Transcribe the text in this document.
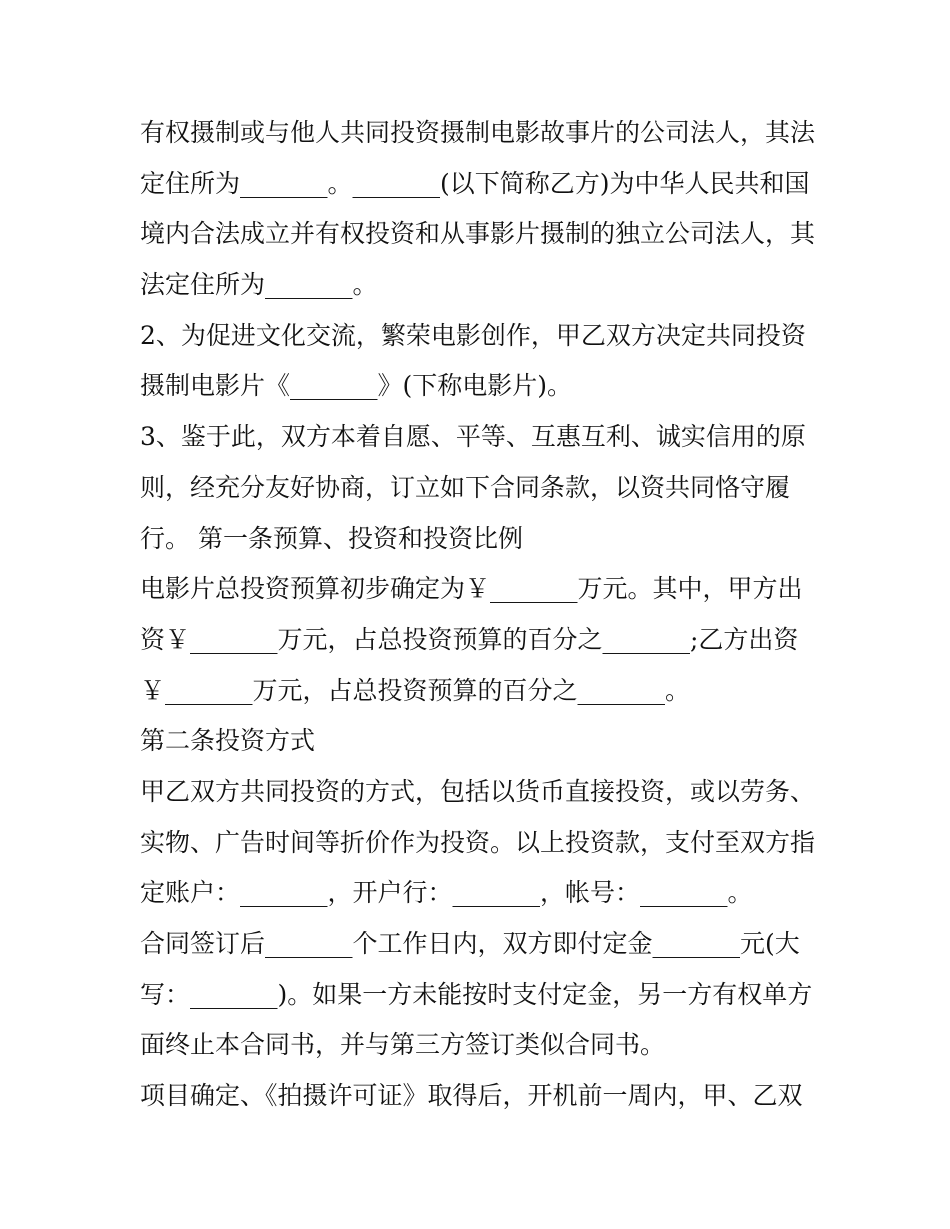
有权摄制或与他人共同投资摄制电影故事片的公司法人，其法
定住所为_______。_______(以下简称乙方)为中华人民共和国
境内合法成立并有权投资和从事影片摄制的独立公司法人，其
法定住所为_______。
2、为促进文化交流，繁荣电影创作，甲乙双方决定共同投资
摄制电影片《_______》(下称电影片)。
3、鉴于此，双方本着自愿、平等、互惠互利、诚实信用的原
则，经充分友好协商，订立如下合同条款，以资共同恪守履
行。 第一条预算、投资和投资比例
电影片总投资预算初步确定为￥_______万元。其中，甲方出
资￥_______万元，占总投资预算的百分之_______;乙方出资
￥_______万元，占总投资预算的百分之_______。
第二条投资方式
甲乙双方共同投资的方式，包括以货币直接投资，或以劳务、
实物、广告时间等折价作为投资。以上投资款，支付至双方指
定账户：_______，开户行：_______，帐号：_______。
合同签订后_______个工作日内，双方即付定金_______元(大
写：_______)。如果一方未能按时支付定金，另一方有权单方
面终止本合同书，并与第三方签订类似合同书。
项目确定、《拍摄许可证》取得后，开机前一周内，甲、乙双
